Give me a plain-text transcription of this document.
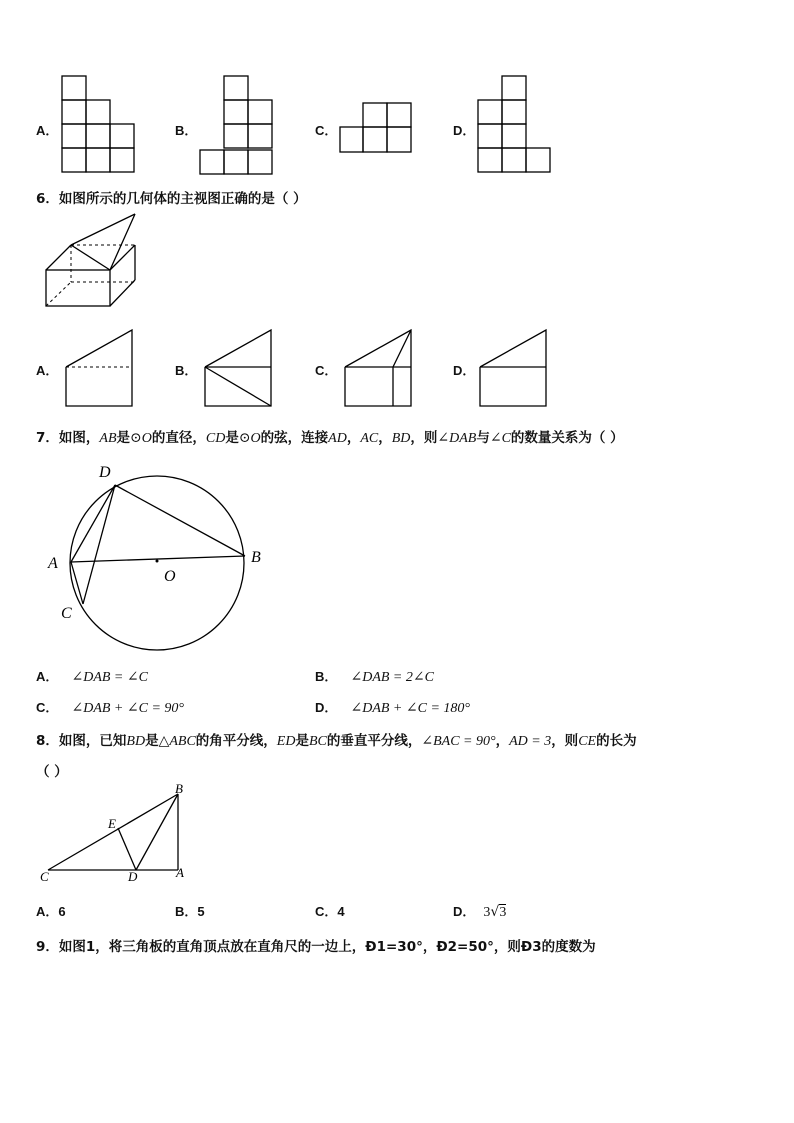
A．	B．	C．	D．
6．如图所示的几何体的主视图正确的是（ ）
A．	B．	C．	D．
7．如图，AB是⊙O的直径，CD是⊙O的弦，连接AD，AC，BD，则∠DAB与∠C的数量关系为（ ）
D
A	B
O
C
A． ∠DAB = ∠C	B． ∠DAB = 2∠C
C． ∠DAB + ∠C = 90°	D． ∠DAB + ∠C = 180°
8．如图，已知BD是△ABC的角平分线，ED是BC的垂直平分线，∠BAC = 90°，AD = 3，则CE的长为
（ ）
B
E
C	D	A
A．6	B．5	C．4	D． 3√3
9．如图1，将三角板的直角顶点放在直角尺的一边上，Ð1=30°，Ð2=50°，则Ð3的度数为
